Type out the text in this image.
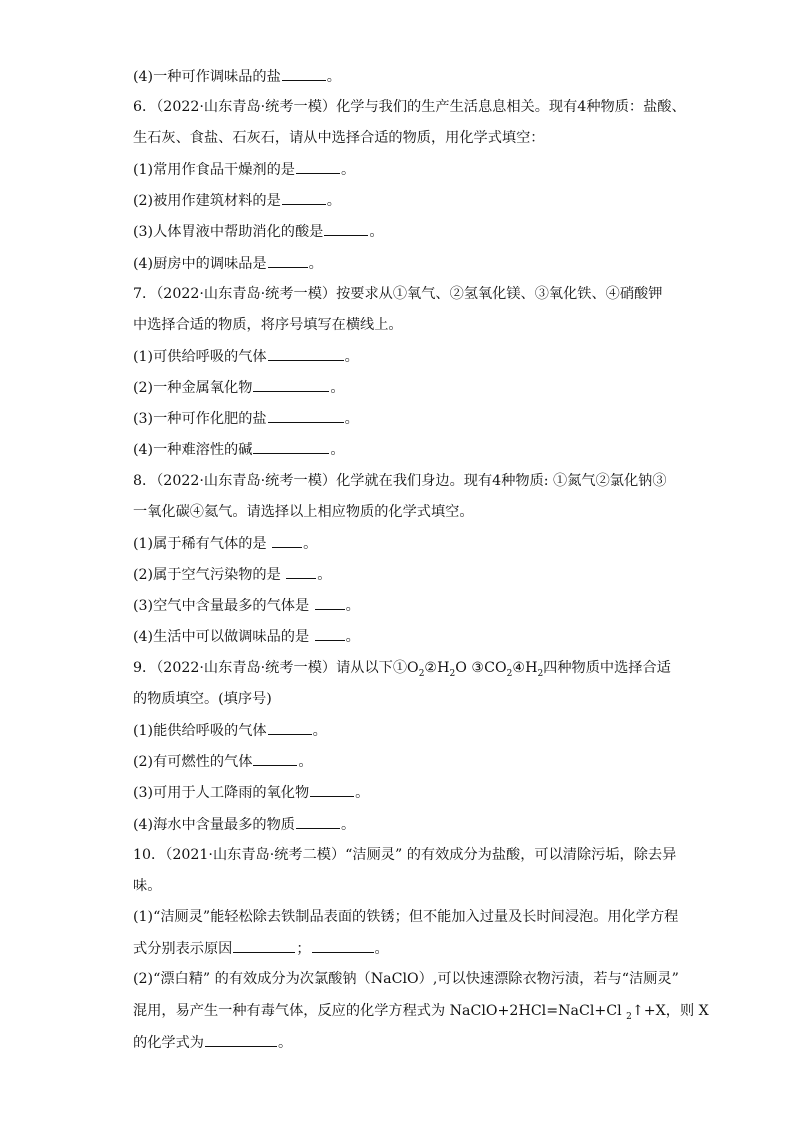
(4)一种可作调味品的盐	。
6．（2022·山东青岛·统考一模）化学与我们的生产生活息息相关。现有4种物质：盐酸、
生石灰、食盐、石灰石，请从中选择合适的物质，用化学式填空：
(1)常用作食品干燥剂的是	。
(2)被用作建筑材料的是	。
(3)人体胃液中帮助消化的酸是	。
(4)厨房中的调味品是	。
7．（2022·山东青岛·统考一模）按要求从①氧气、②氢氧化镁、③氧化铁、④硝酸钾
中选择合适的物质，将序号填写在横线上。
(1)可供给呼吸的气体	。
(2)一种金属氧化物	。
(3)一种可作化肥的盐	。
(4)一种难溶性的碱	。
8．（2022·山东青岛·统考一模）化学就在我们身边。现有4种物质: ①氮气②氯化钠③
一氧化碳④氦气。请选择以上相应物质的化学式填空。
(1)属于稀有气体的是 。
(2)属于空气污染物的是 。
(3)空气中含量最多的气体是 。
(4)生活中可以做调味品的是 。
9．（2022·山东青岛·统考一模）请从以下$①O_2②H_2O$ $③CO_2④H_2$四种物质中选择合适
的物质填空。(填序号)
(1)能供给呼吸的气体	。
(2)有可燃性的气体	。
(3)可用于人工降雨的氧化物	。
(4)海水中含量最多的物质	。
10．（2021·山东青岛·统考二模）“洁厕灵” 的有效成分为盐酸，可以清除污垢，除去异
味。
(1)“洁厕灵”能轻松除去铁制品表面的铁锈；但不能加入过量及长时间浸泡。用化学方程
式分别表示原因	；	。
(2)“漂白精” 的有效成分为次氯酸钠（NaClO）,可以快速漂除衣物污渍，若与“洁厕灵”
混用，易产生一种有毒气体，反应的化学方程式为 NaClO+2HCl=NaCl+Cl $_2$↑+X，则 X
的化学式为	。
